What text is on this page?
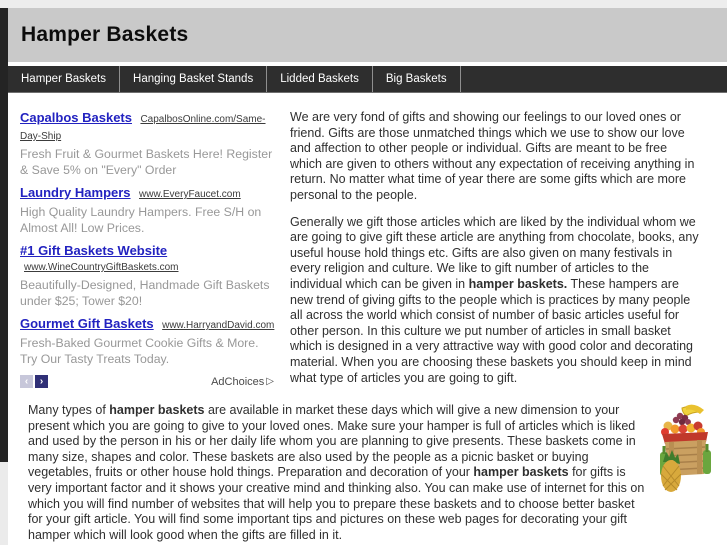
Hamper Baskets
Hamper Baskets	Hanging Basket Stands	Lidded Baskets	Big Baskets
Capalbos Baskets CapalbosOnline.com/Same-Day-Ship
Fresh Fruit & Gourmet Baskets Here! Register & Save 5% on "Every" Order
Laundry Hampers www.EveryFaucet.com
High Quality Laundry Hampers. Free S/H on Almost All! Low Prices.
#1 Gift Baskets Website www.WineCountryGiftBaskets.com
Beautifully-Designed, Handmade Gift Baskets under $25; Tower $20!
Gourmet Gift Baskets www.HarryandDavid.com
Fresh-Baked Gourmet Cookie Gifts & More. Try Our Tasty Treats Today.
‹	›	AdChoices ▷

We are very fond of gifts and showing our feelings to our loved ones or friend. Gifts are those unmatched things which we use to show our love and affection to other people or individual. Gifts are meant to be free which are given to others without any expectation of receiving anything in return. No matter what time of year there are some gifts which are more personal to the people.

Generally we gift those articles which are liked by the individual whom we are going to give gift these article are anything from chocolate, books, any useful house hold things etc. Gifts are also given on many festivals in every religion and culture. We like to gift number of articles to the individual which can be given in hamper baskets. These hampers are new trend of giving gifts to the people which is practices by many people all across the world which consist of number of basic articles useful for other person. In this culture we put number of articles in small basket which is designed in a very attractive way with good color and decorating material. When you are choosing these baskets you should keep in mind what type of articles you are going to gift.

Many types of hamper baskets are available in market these days which will give a new dimension to your present which you are going to give to your loved ones. Make sure your hamper is full of articles which is liked and used by the person in his or her daily life whom you are planning to give presents. These baskets come in many size, shapes and color. These baskets are also used by the people as a picnic basket or buying vegetables, fruits or other house hold things. Preparation and decoration of your hamper baskets for gifts is very important factor and it shows your creative mind and thinking also. You can make use of internet for this on which you will find number of websites that will help you to prepare these baskets and to choose better basket for your gift article. You will find some important tips and pictures on these web pages for decorating your gift hamper which will look good when the gifts are filled in it.
